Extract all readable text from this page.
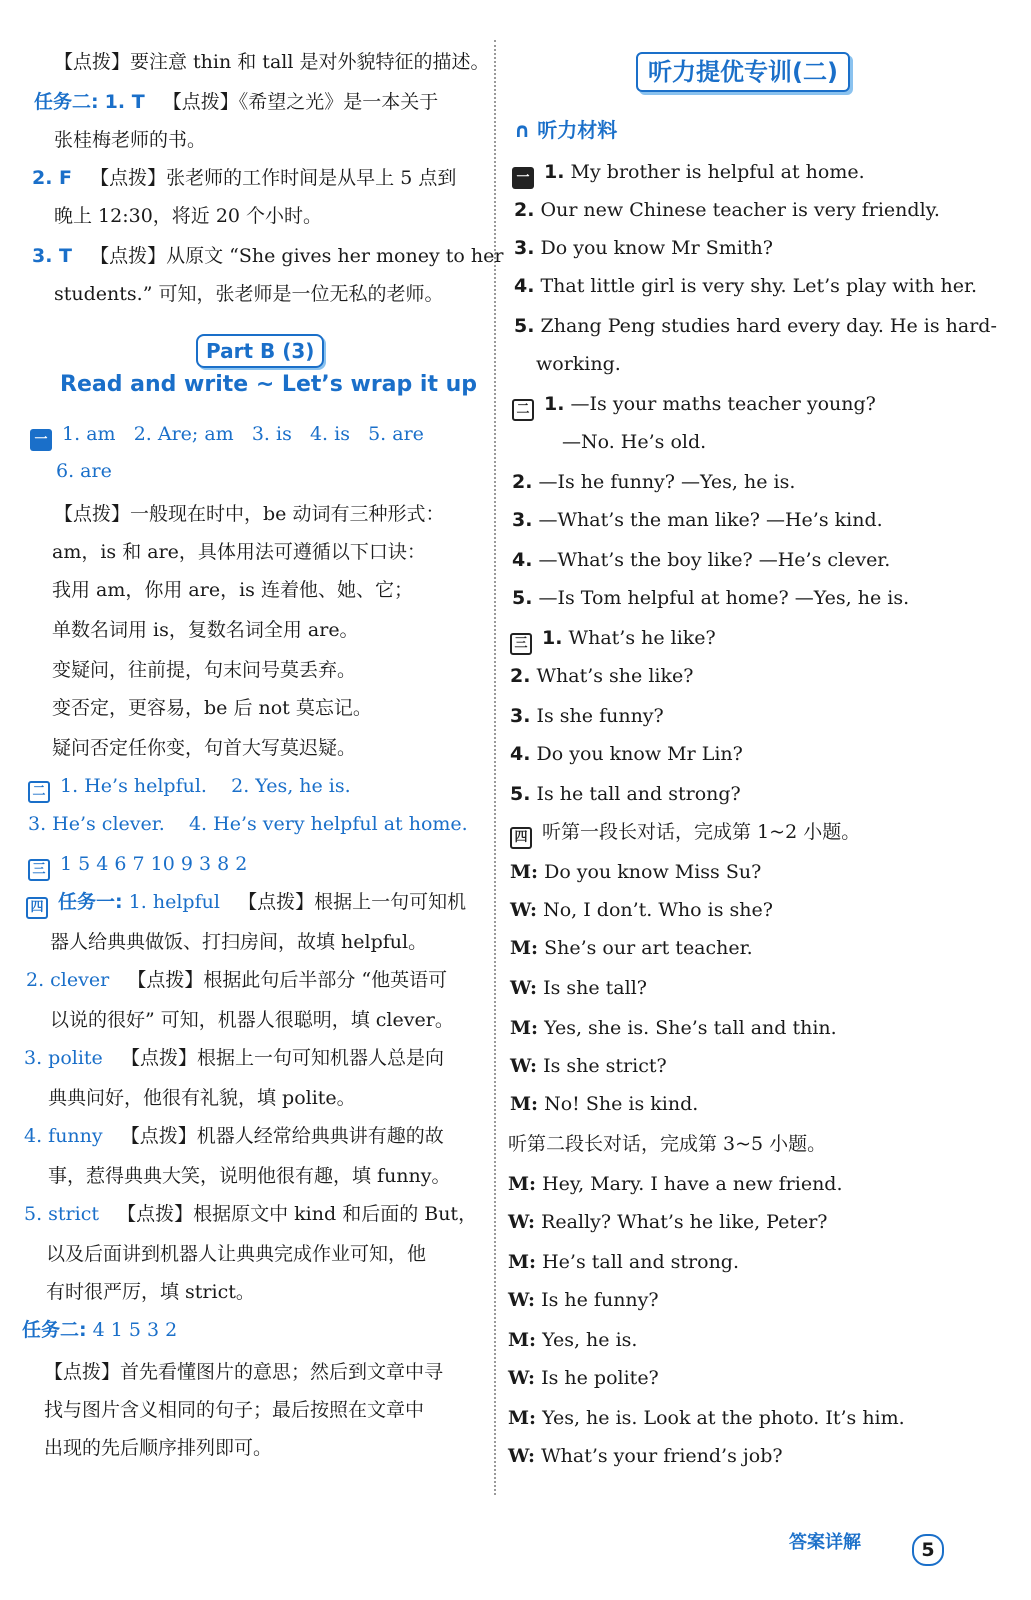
【点拨】要注意 thin 和 tall 是对外貌特征的描述。
任务二: 1. T 【点拨】《希望之光》是一本关于
张桂梅老师的书。
2. F 【点拨】张老师的工作时间是从早上 5 点到
晚上 12:30，将近 20 个小时。
3. T 【点拨】从原文 “She gives her money to her
students.” 可知，张老师是一位无私的老师。
Part B (3)
Read and write ~ Let’s wrap it up
一 1. am 2. Are; am 3. is 4. is 5. are
6. are
【点拨】一般现在时中，be 动词有三种形式：
am，is 和 are，具体用法可遵循以下口诀：
我用 am，你用 are，is 连着他、她、它；
单数名词用 is，复数名词全用 are。
变疑问，往前提，句末问号莫丢弃。
变否定，更容易，be 后 not 莫忘记。
疑问否定任你变，句首大写莫迟疑。
二 1. He’s helpful. 2. Yes, he is.
3. He’s clever. 4. He’s very helpful at home.
三 1 5 4 6 7 10 9 3 8 2
四 任务一: 1. helpful 【点拨】根据上一句可知机
器人给典典做饭、打扫房间，故填 helpful。
2. clever 【点拨】根据此句后半部分 “他英语可
以说的很好” 可知，机器人很聪明，填 clever。
3. polite 【点拨】根据上一句可知机器人总是向
典典问好，他很有礼貌，填 polite。
4. funny 【点拨】机器人经常给典典讲有趣的故
事，惹得典典大笑，说明他很有趣，填 funny。
5. strict 【点拨】根据原文中 kind 和后面的 But，
以及后面讲到机器人让典典完成作业可知，他
有时很严厉，填 strict。
任务二: 4 1 5 3 2
【点拨】首先看懂图片的意思；然后到文章中寻
找与图片含义相同的句子；最后按照在文章中
出现的先后顺序排列即可。
听力提优专训(二)
∩ 听力材料
一 1. My brother is helpful at home.
2. Our new Chinese teacher is very friendly.
3. Do you know Mr Smith?
4. That little girl is very shy. Let’s play with her.
5. Zhang Peng studies hard every day. He is hard-
working.
二 1. —Is your maths teacher young?
—No. He’s old.
2. —Is he funny? —Yes, he is.
3. —What’s the man like? —He’s kind.
4. —What’s the boy like? —He’s clever.
5. —Is Tom helpful at home? —Yes, he is.
三 1. What’s he like?
2. What’s she like?
3. Is she funny?
4. Do you know Mr Lin?
5. Is he tall and strong?
四 听第一段长对话，完成第 1~2 小题。
M: Do you know Miss Su?
W: No, I don’t. Who is she?
M: She’s our art teacher.
W: Is she tall?
M: Yes, she is. She’s tall and thin.
W: Is she strict?
M: No! She is kind.
听第二段长对话，完成第 3~5 小题。
M: Hey, Mary. I have a new friend.
W: Really? What’s he like, Peter?
M: He’s tall and strong.
W: Is he funny?
M: Yes, he is.
W: Is he polite?
M: Yes, he is. Look at the photo. It’s him.
W: What’s your friend’s job?
答案详解	5
